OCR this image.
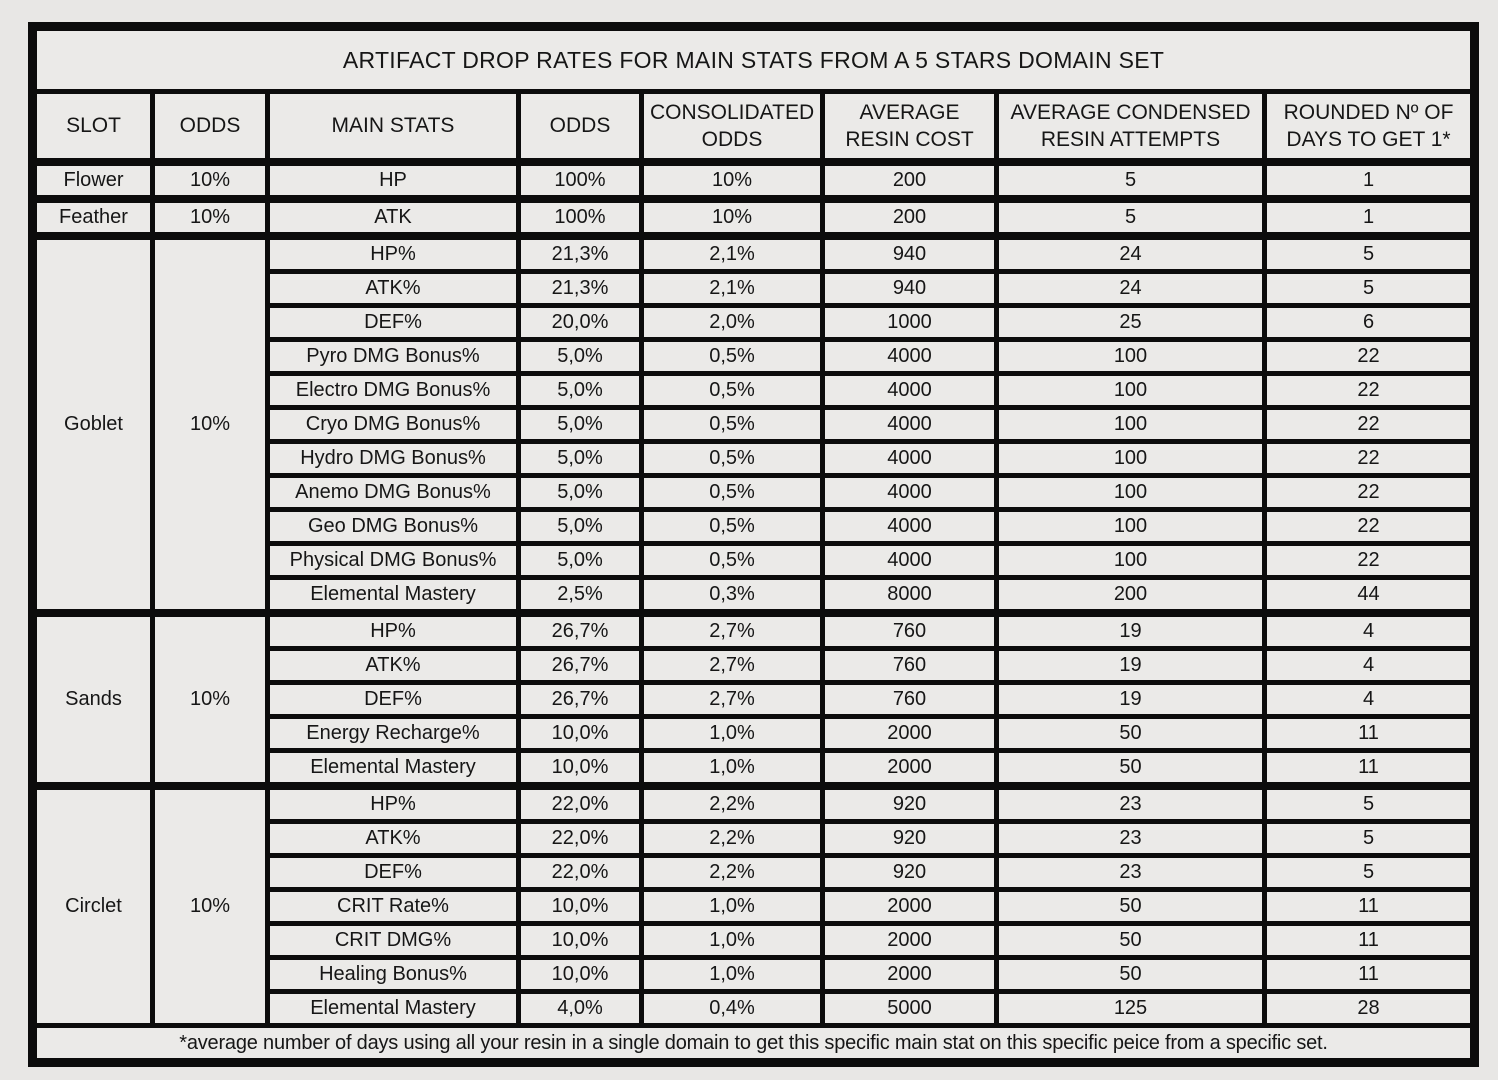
ARTIFACT DROP RATES FOR MAIN STATS FROM A 5 STARS DOMAIN SET							
SLOT	ODDS	MAIN STATS	ODDS	CONSOLIDATED ODDS	AVERAGE RESIN COST	AVERAGE CONDENSED RESIN ATTEMPTS	ROUNDED Nº OF DAYS TO GET 1*
Flower	10%	HP	100%	10%	200	5	1
Feather	10%	ATK	100%	10%	200	5	1
Goblet	10%	HP%	21,3%	2,1%	940	24	5
		ATK%	21,3%	2,1%	940	24	5
		DEF%	20,0%	2,0%	1000	25	6
		Pyro DMG Bonus%	5,0%	0,5%	4000	100	22
		Electro DMG Bonus%	5,0%	0,5%	4000	100	22
		Cryo DMG Bonus%	5,0%	0,5%	4000	100	22
		Hydro DMG Bonus%	5,0%	0,5%	4000	100	22
		Anemo DMG Bonus%	5,0%	0,5%	4000	100	22
		Geo DMG Bonus%	5,0%	0,5%	4000	100	22
		Physical DMG Bonus%	5,0%	0,5%	4000	100	22
		Elemental Mastery	2,5%	0,3%	8000	200	44
Sands	10%	HP%	26,7%	2,7%	760	19	4
		ATK%	26,7%	2,7%	760	19	4
		DEF%	26,7%	2,7%	760	19	4
		Energy Recharge%	10,0%	1,0%	2000	50	11
		Elemental Mastery	10,0%	1,0%	2000	50	11
Circlet	10%	HP%	22,0%	2,2%	920	23	5
		ATK%	22,0%	2,2%	920	23	5
		DEF%	22,0%	2,2%	920	23	5
		CRIT Rate%	10,0%	1,0%	2000	50	11
		CRIT DMG%	10,0%	1,0%	2000	50	11
		Healing Bonus%	10,0%	1,0%	2000	50	11
		Elemental Mastery	4,0%	0,4%	5000	125	28
*average number of days using all your resin in a single domain to get this specific main stat on this specific peice from a specific set.							
